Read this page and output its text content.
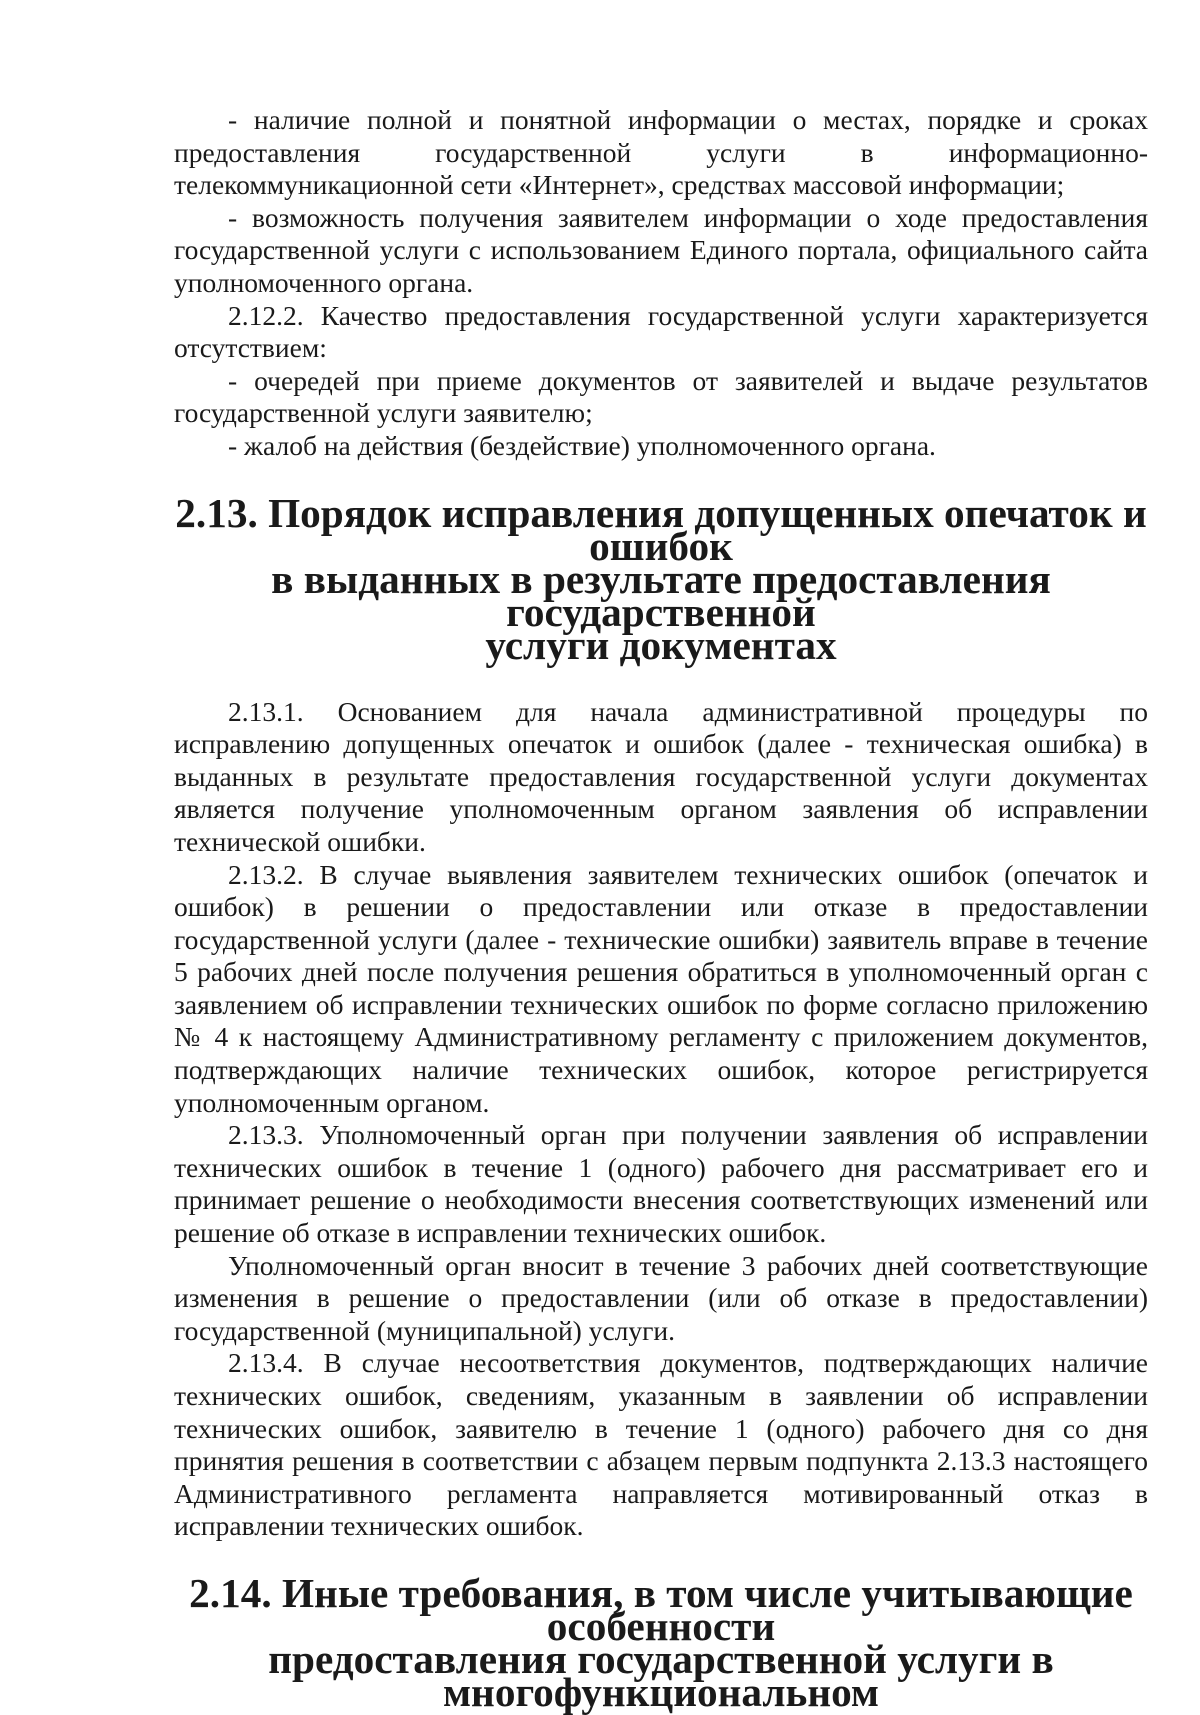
- наличие полной и понятной информации о местах, порядке и сроках предоставления государственной услуги в информационно-телекоммуникационной сети «Интернет», средствах массовой информации;

- возможность получения заявителем информации о ходе предоставления государственной услуги с использованием Единого портала, официального сайта уполномоченного органа.

2.12.2. Качество предоставления государственной услуги характеризуется отсутствием:

- очередей при приеме документов от заявителей и выдаче результатов государственной услуги заявителю;

- жалоб на действия (бездействие) уполномоченного органа.

2.13. Порядок исправления допущенных опечаток и ошибок
в выданных в результате предоставления государственной
услуги документах

2.13.1. Основанием для начала административной процедуры по исправлению допущенных опечаток и ошибок (далее - техническая ошибка) в выданных в результате предоставления государственной услуги документах является получение уполномоченным органом заявления об исправлении технической ошибки.

2.13.2. В случае выявления заявителем технических ошибок (опечаток и ошибок) в решении о предоставлении или отказе в предоставлении государственной услуги (далее - технические ошибки) заявитель вправе в течение 5 рабочих дней после получения решения обратиться в уполномоченный орган с заявлением об исправлении технических ошибок по форме согласно приложению № 4 к настоящему Административному регламенту с приложением документов, подтверждающих наличие технических ошибок, которое регистрируется уполномоченным органом.

2.13.3. Уполномоченный орган при получении заявления об исправлении технических ошибок в течение 1 (одного) рабочего дня рассматривает его и принимает решение о необходимости внесения соответствующих изменений или решение об отказе в исправлении технических ошибок.

Уполномоченный орган вносит в течение 3 рабочих дней соответствующие изменения в решение о предоставлении (или об отказе в предоставлении) государственной (муниципальной) услуги.

2.13.4. В случае несоответствия документов, подтверждающих наличие технических ошибок, сведениям, указанным в заявлении об исправлении технических ошибок, заявителю в течение 1 (одного) рабочего дня со дня принятия решения в соответствии с абзацем первым подпункта 2.13.3 настоящего Административного регламента направляется мотивированный отказ в исправлении технических ошибок.

2.14. Иные требования, в том числе учитывающие особенности
предоставления государственной услуги в многофункциональном
